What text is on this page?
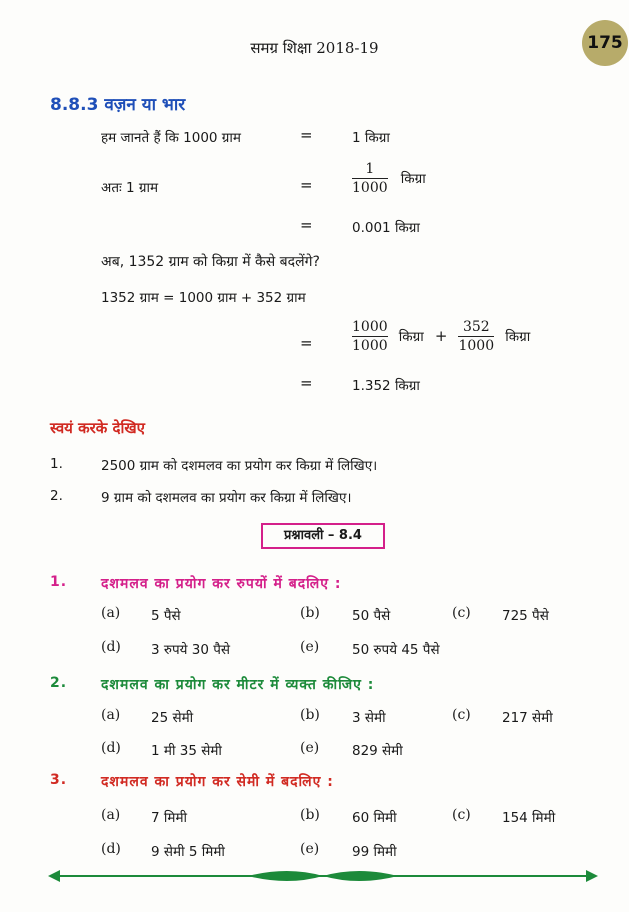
समग्र शिक्षा 2018-19	175
8.8.3 वज़न या भार
हम जानते हैं कि 1000 ग्राम	=	1 किग्रा
अतः 1 ग्राम	=	$\frac{1}{1000}$ किग्रा
=	0.001 किग्रा
अब, 1352 ग्राम को किग्रा में कैसे बदलेंगे?
1352 ग्राम = 1000 ग्राम + 352 ग्राम
=	$\frac{1000}{1000}$ किग्रा + $\frac{352}{1000}$ किग्रा
=	1.352 किग्रा
स्वयं करके देखिए
1.	2500 ग्राम को दशमलव का प्रयोग कर किग्रा में लिखिए।
2.	9 ग्राम को दशमलव का प्रयोग कर किग्रा में लिखिए।
प्रश्नावली – 8.4
1. दशमलव का प्रयोग कर रुपयों में बदलिए :
(a) 5 पैसे	(b) 50 पैसे	(c) 725 पैसे
(d) 3 रुपये 30 पैसे	(e) 50 रुपये 45 पैसे
2. दशमलव का प्रयोग कर मीटर में व्यक्त कीजिए :
(a) 25 सेमी	(b) 3 सेमी	(c) 217 सेमी
(d) 1 मी 35 सेमी	(e) 829 सेमी
3. दशमलव का प्रयोग कर सेमी में बदलिए :
(a) 7 मिमी	(b) 60 मिमी	(c) 154 मिमी
(d) 9 सेमी 5 मिमी	(e) 99 मिमी
